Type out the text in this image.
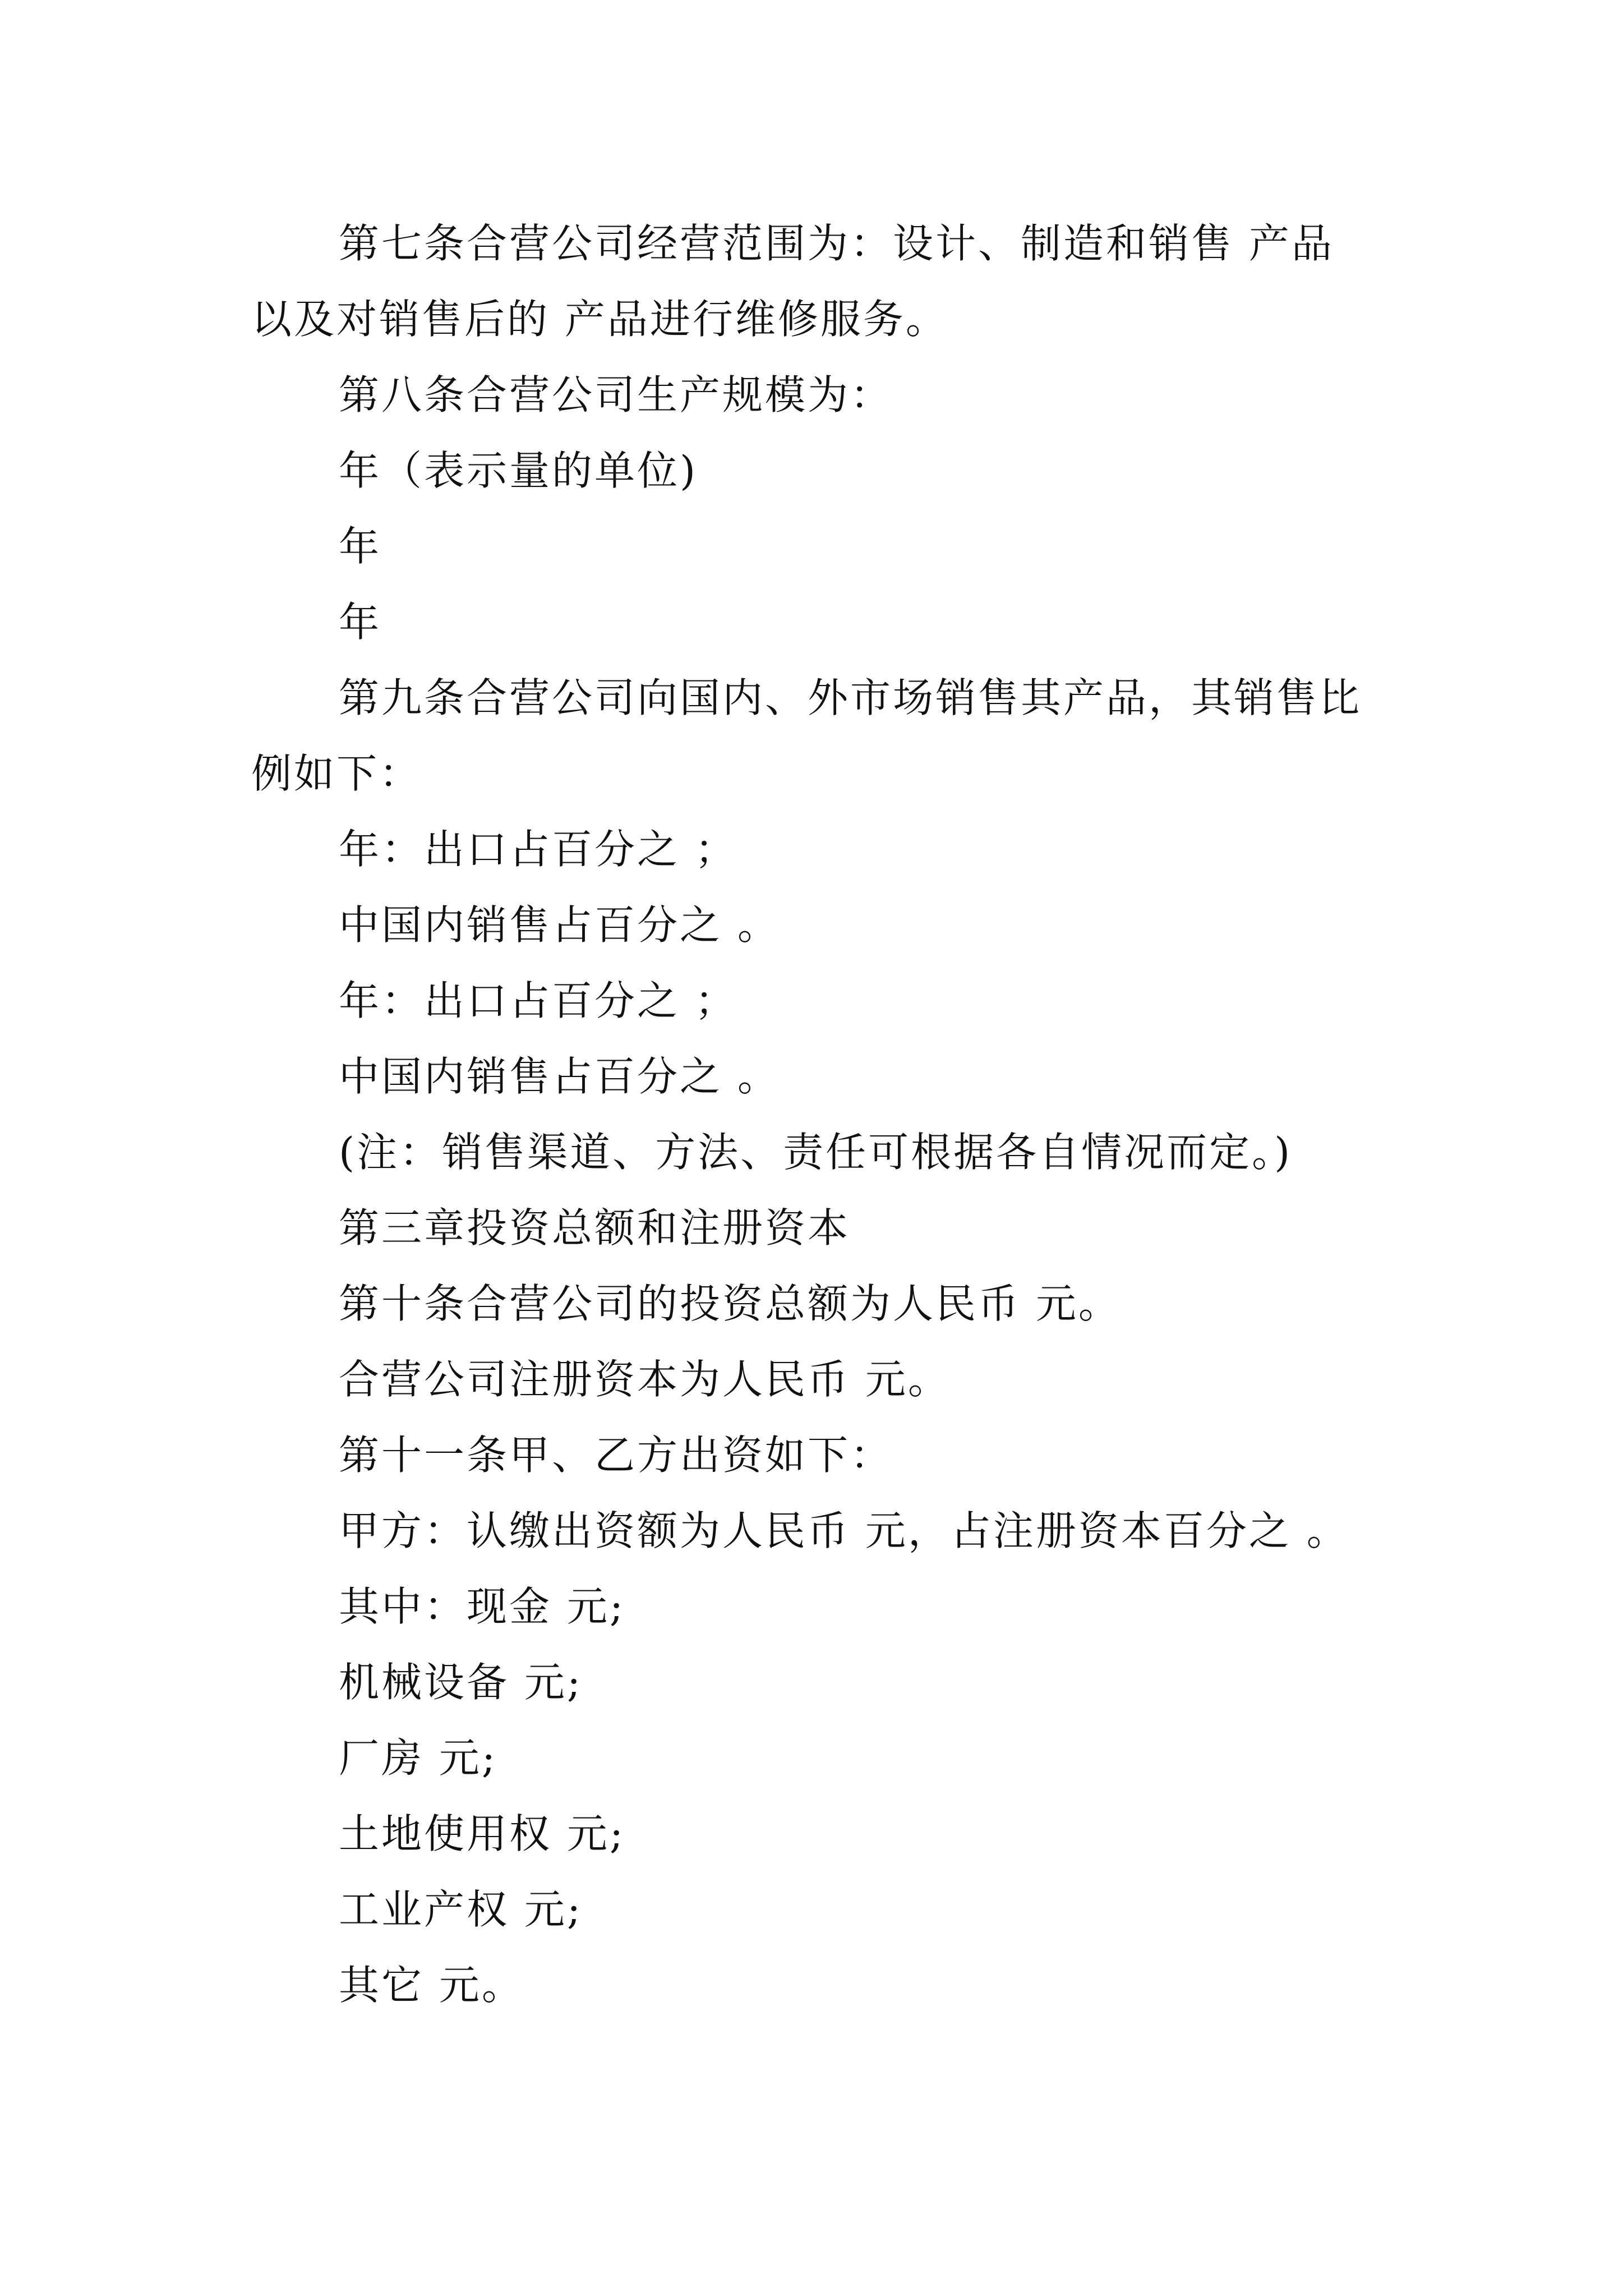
第七条合营公司经营范围为：设计、制造和销售 产品
以及对销售后的 产品进行维修服务。
第八条合营公司生产规模为：
年（表示量的单位)
年
年
第九条合营公司向国内、外市场销售其产品，其销售比
例如下：
年：出口占百分之 ；
中国内销售占百分之 。
年：出口占百分之 ；
中国内销售占百分之 。
(注：销售渠道、方法、责任可根据各自情况而定。)
第三章投资总额和注册资本
第十条合营公司的投资总额为人民币 元。
合营公司注册资本为人民币 元。
第十一条甲、乙方出资如下：
甲方：认缴出资额为人民币 元，占注册资本百分之 。
其中：现金 元;
机械设备 元;
厂房 元;
土地使用权 元;
工业产权 元;
其它 元。
